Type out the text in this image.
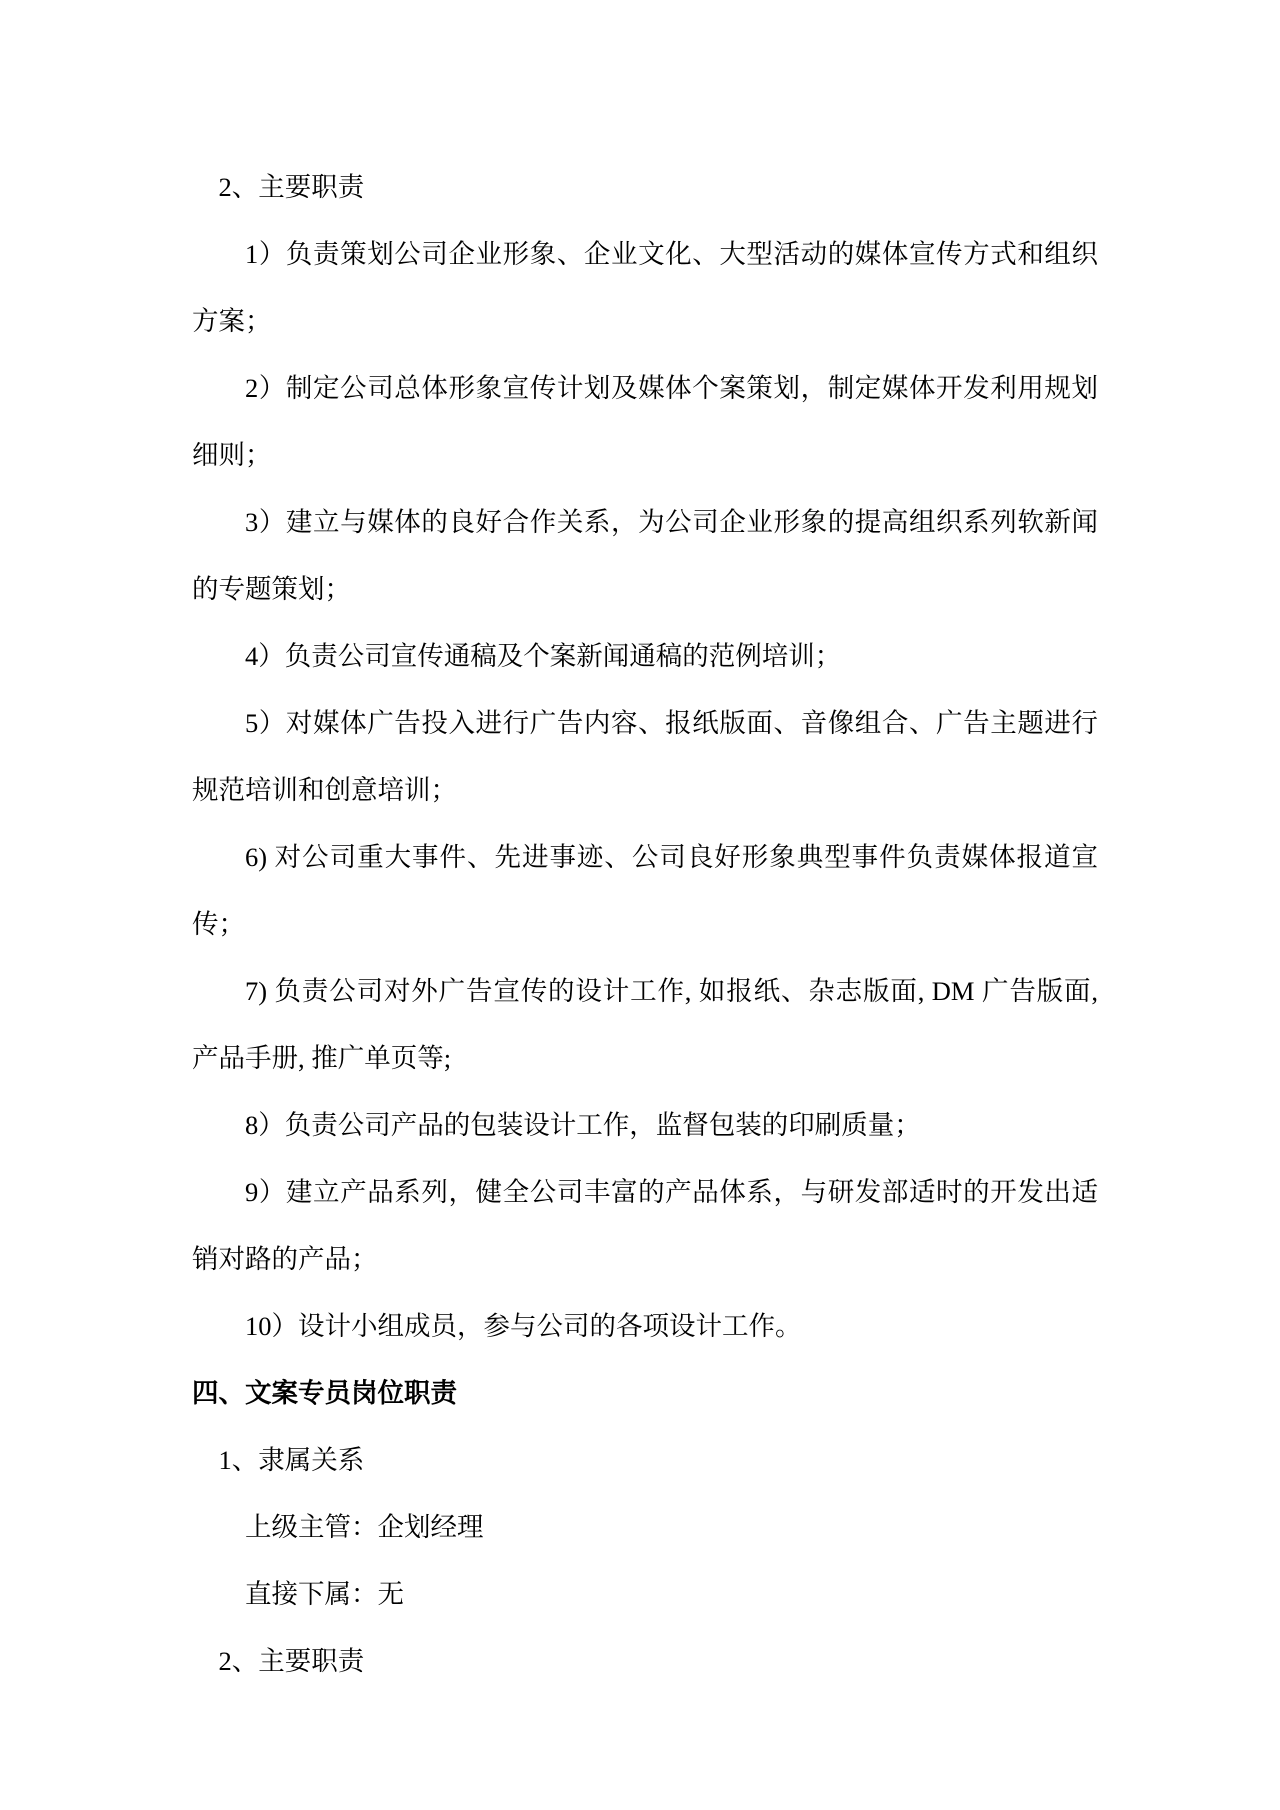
2、主要职责

1）负责策划公司企业形象、企业文化、大型活动的媒体宣传方式和组织方案；

2）制定公司总体形象宣传计划及媒体个案策划，制定媒体开发利用规划细则；

3）建立与媒体的良好合作关系，为公司企业形象的提高组织系列软新闻的专题策划；

4）负责公司宣传通稿及个案新闻通稿的范例培训；

5）对媒体广告投入进行广告内容、报纸版面、音像组合、广告主题进行规范培训和创意培训；

6) 对公司重大事件、先进事迹、公司良好形象典型事件负责媒体报道宣传；

7) 负责公司对外广告宣传的设计工作, 如报纸、杂志版面, DM 广告版面, 产品手册, 推广单页等;

8）负责公司产品的包装设计工作，监督包装的印刷质量；

9）建立产品系列，健全公司丰富的产品体系，与研发部适时的开发出适销对路的产品；

10）设计小组成员，参与公司的各项设计工作。

四、文案专员岗位职责

1、隶属关系

上级主管：企划经理

直接下属：无

2、主要职责
